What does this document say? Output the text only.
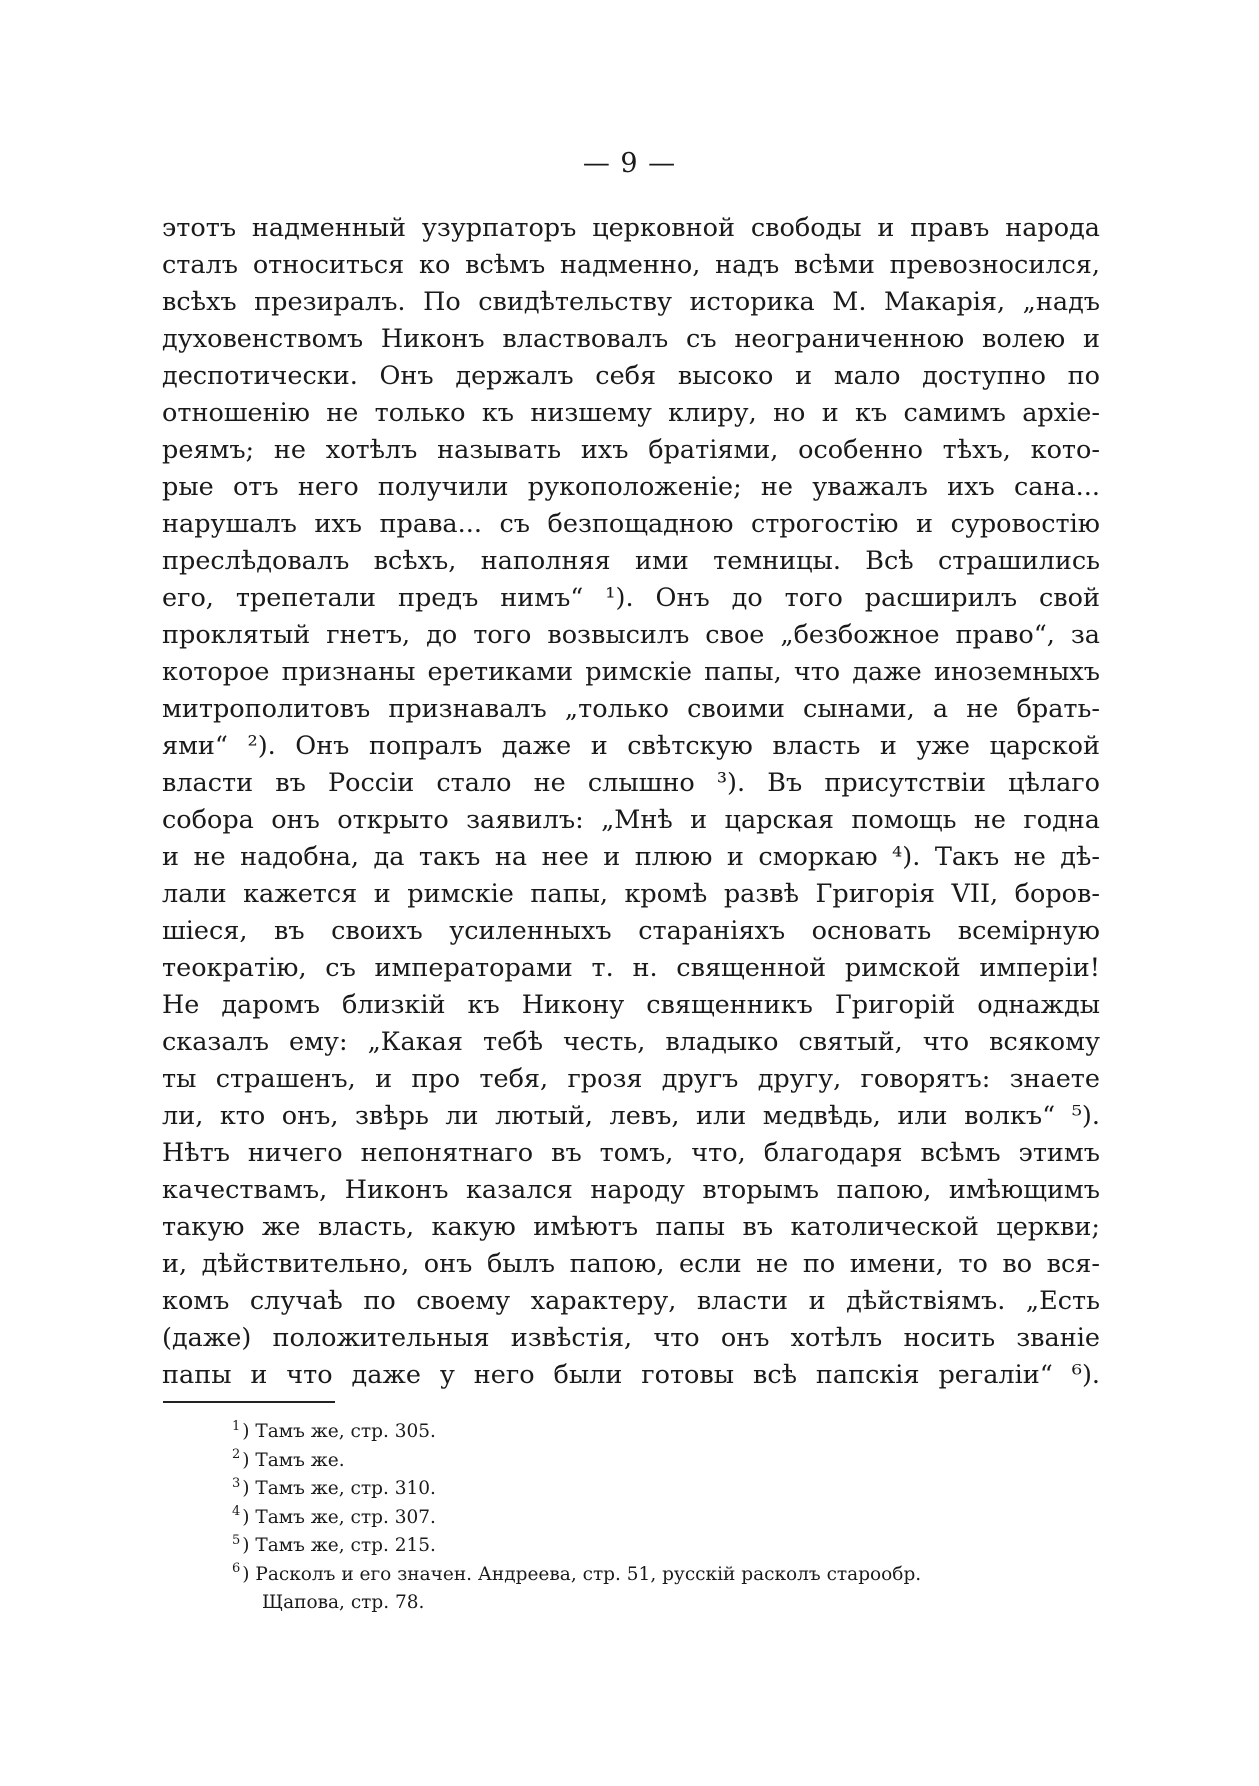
— 9 —
этотъ надменный узурпаторъ церковной свободы и правъ народа
сталъ относиться ко всѣмъ надменно, надъ всѣми превозносился,
всѣхъ презиралъ. По свидѣтельству историка М. Макарія, „надъ
духовенствомъ Никонъ властвовалъ съ неограниченною волею и
деспотически. Онъ держалъ себя высоко и мало доступно по
отношенію не только къ низшему клиру, но и къ самимъ архіе-
реямъ; не хотѣлъ называть ихъ братіями, особенно тѣхъ, кото-
рые отъ него получили рукоположеніе; не уважалъ ихъ сана...
нарушалъ ихъ права... съ безпощадною строгостію и суровостію
преслѣдовалъ всѣхъ, наполняя ими темницы. Всѣ страшились
его, трепетали предъ нимъ“ ¹). Онъ до того расширилъ свой
проклятый гнетъ, до того возвысилъ свое „безбожное право“, за
которое признаны еретиками римскіе папы, что даже иноземныхъ
митрополитовъ признавалъ „только своими сынами, а не брать-
ями“ ²). Онъ попралъ даже и свѣтскую власть и уже царской
власти въ Россіи стало не слышно ³). Въ присутствіи цѣлаго
собора онъ открыто заявилъ: „Мнѣ и царская помощь не годна
и не надобна, да такъ на нее и плюю и сморкаю ⁴). Такъ не дѣ-
лали кажется и римскіе папы, кромѣ развѣ Григорія VII, боров-
шіеся, въ своихъ усиленныхъ стараніяхъ основать всемірную
теократію, съ императорами т. н. священной римской имперіи!
Не даромъ близкій къ Никону священникъ Григорій однажды
сказалъ ему: „Какая тебѣ честь, владыко святый, что всякому
ты страшенъ, и про тебя, грозя другъ другу, говорятъ: знаете
ли, кто онъ, звѣрь ли лютый, левъ, или медвѣдь, или волкъ“ ⁵).
Нѣтъ ничего непонятнаго въ томъ, что, благодаря всѣмъ этимъ
качествамъ, Никонъ казался народу вторымъ папою, имѣющимъ
такую же власть, какую имѣютъ папы въ католической церкви;
и, дѣйствительно, онъ былъ папою, если не по имени, то во вся-
комъ случаѣ по своему характеру, власти и дѣйствіямъ. „Есть
(даже) положительныя извѣстія, что онъ хотѣлъ носить званіе
папы и что даже у него были готовы всѣ папскія регаліи“ ⁶).
$^1$ ) Тамъ же, стр. 305.
$^2$ ) Тамъ же.
$^3$ ) Тамъ же, стр. 310.
$^4$ ) Тамъ же, стр. 307.
$^5$ ) Тамъ же, стр. 215.
$^6$ ) Расколъ и его значен. Андреева, стр. 51, русскій расколъ старообр.
Щапова, стр. 78.
